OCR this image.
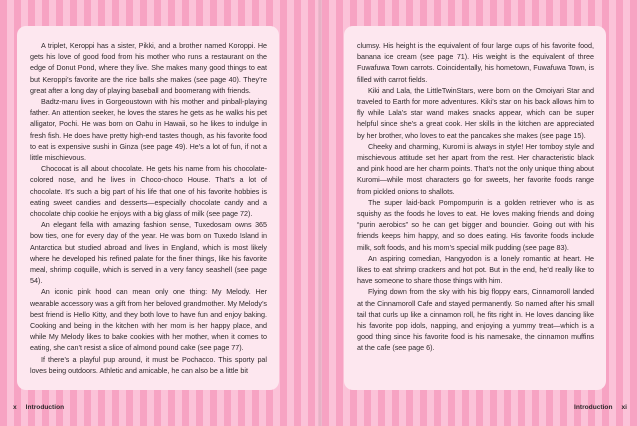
A triplet, Keroppi has a sister, Pikki, and a brother named Koroppi. He gets his love of good food from his mother who runs a restaurant on the edge of Donut Pond, where they live. She makes many good things to eat but Keroppi’s favorite are the rice balls she makes (see page 40). They’re great after a long day of playing baseball and boomerang with friends.

Badtz-maru lives in Gorgeoustown with his mother and pinball-playing father. An attention seeker, he loves the stares he gets as he walks his pet alligator, Pochi. He was born on Oahu in Hawaii, so he likes to indulge in fresh fish. He does have pretty high-end tastes though, as his favorite food to eat is expensive sushi in Ginza (see page 49). He’s a lot of fun, if not a little mischievous.

Chococat is all about chocolate. He gets his name from his chocolate-colored nose, and he lives in Choco-choco House. That’s a lot of chocolate. It’s such a big part of his life that one of his favorite hobbies is eating sweet candies and desserts—especially chocolate candy and a chocolate chip cookie he enjoys with a big glass of milk (see page 72).

An elegant fella with amazing fashion sense, Tuxedosam owns 365 bow ties, one for every day of the year. He was born on Tuxedo Island in Antarctica but studied abroad and lives in England, which is most likely where he developed his refined palate for the finer things, like his favorite meal, shrimp coquille, which is served in a very fancy seashell (see page 54).

An iconic pink hood can mean only one thing: My Melody. Her wearable accessory was a gift from her beloved grandmother. My Melody’s best friend is Hello Kitty, and they both love to have fun and enjoy baking. Cooking and being in the kitchen with her mom is her happy place, and while My Melody likes to bake cookies with her mother, when it comes to eating, she can’t resist a slice of almond pound cake (see page 77).

If there’s a playful pup around, it must be Pochacco. This sporty pal loves being outdoors. Athletic and amicable, he can also be a little bit

clumsy. His height is the equivalent of four large cups of his favorite food, banana ice cream (see page 71). His weight is the equivalent of three Fuwafuwa Town carrots. Coincidentally, his hometown, Fuwafuwa Town, is filled with carrot fields.

Kiki and Lala, the LittleTwinStars, were born on the Omoiyari Star and traveled to Earth for more adventures. Kiki’s star on his back allows him to fly while Lala’s star wand makes snacks appear, which can be super helpful since she’s a great cook. Her skills in the kitchen are appreciated by her brother, who loves to eat the pancakes she makes (see page 15).

Cheeky and charming, Kuromi is always in style! Her tomboy style and mischievous attitude set her apart from the rest. Her characteristic black and pink hood are her charm points. That’s not the only unique thing about Kuromi—while most characters go for sweets, her favorite foods range from pickled onions to shallots.

The super laid-back Pompompurin is a golden retriever who is as squishy as the foods he loves to eat. He loves making friends and doing “purin aerobics” so he can get bigger and bouncier. Going out with his friends keeps him happy, and so does eating. His favorite foods include milk, soft foods, and his mom’s special milk pudding (see page 83).

An aspiring comedian, Hangyodon is a lonely romantic at heart. He likes to eat shrimp crackers and hot pot. But in the end, he’d really like to have someone to share those things with him.

Flying down from the sky with his big floppy ears, Cinnamoroll landed at the Cinnamoroll Cafe and stayed permanently. So named after his small tail that curls up like a cinnamon roll, he fits right in. He loves dancing like his favorite pop idols, napping, and enjoying a yummy treat—which is a good thing since his favorite food is his namesake, the cinnamon muffins at the cafe (see page 6).

x Introduction	Introduction xi
